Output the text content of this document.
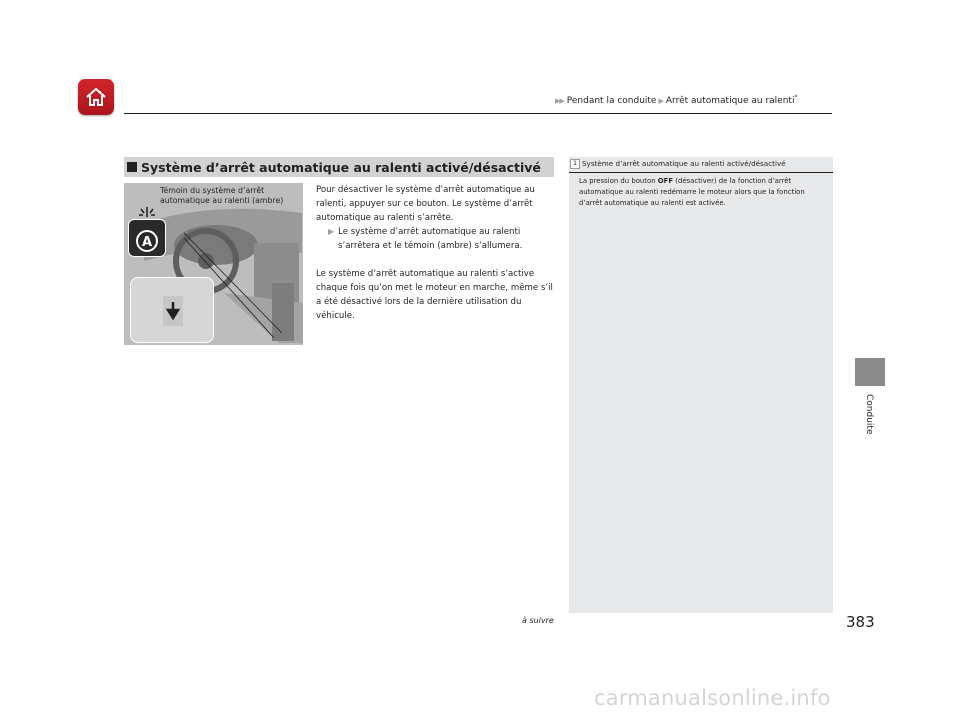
▶▶ Pendant la conduite ▶ Arrêt automatique au ralenti*
Conduite
Système d’arrêt automatique au ralenti activé/désactivé
A
Témoin du système d’arrêt
automatique au ralenti (ambre)

Pour désactiver le système d’arrêt automatique au ralenti, appuyer sur ce bouton. Le système d’arrêt automatique au ralenti s’arrête.

▶ Le système d’arrêt automatique au ralenti s’arrêtera et le témoin (ambre) s’allumera.

Le système d’arrêt automatique au ralenti s’active chaque fois qu’on met le moteur en marche, même s’il a été désactivé lors de la dernière utilisation du véhicule.

1 Système d’arrêt automatique au ralenti activé/désactivé
La pression du bouton OFF (désactiver) de la fonction d’arrêt automatique au ralenti redémarre le moteur alors que la fonction d’arrêt automatique au ralenti est activée.
à suivre	383
carmanualsonline.info
